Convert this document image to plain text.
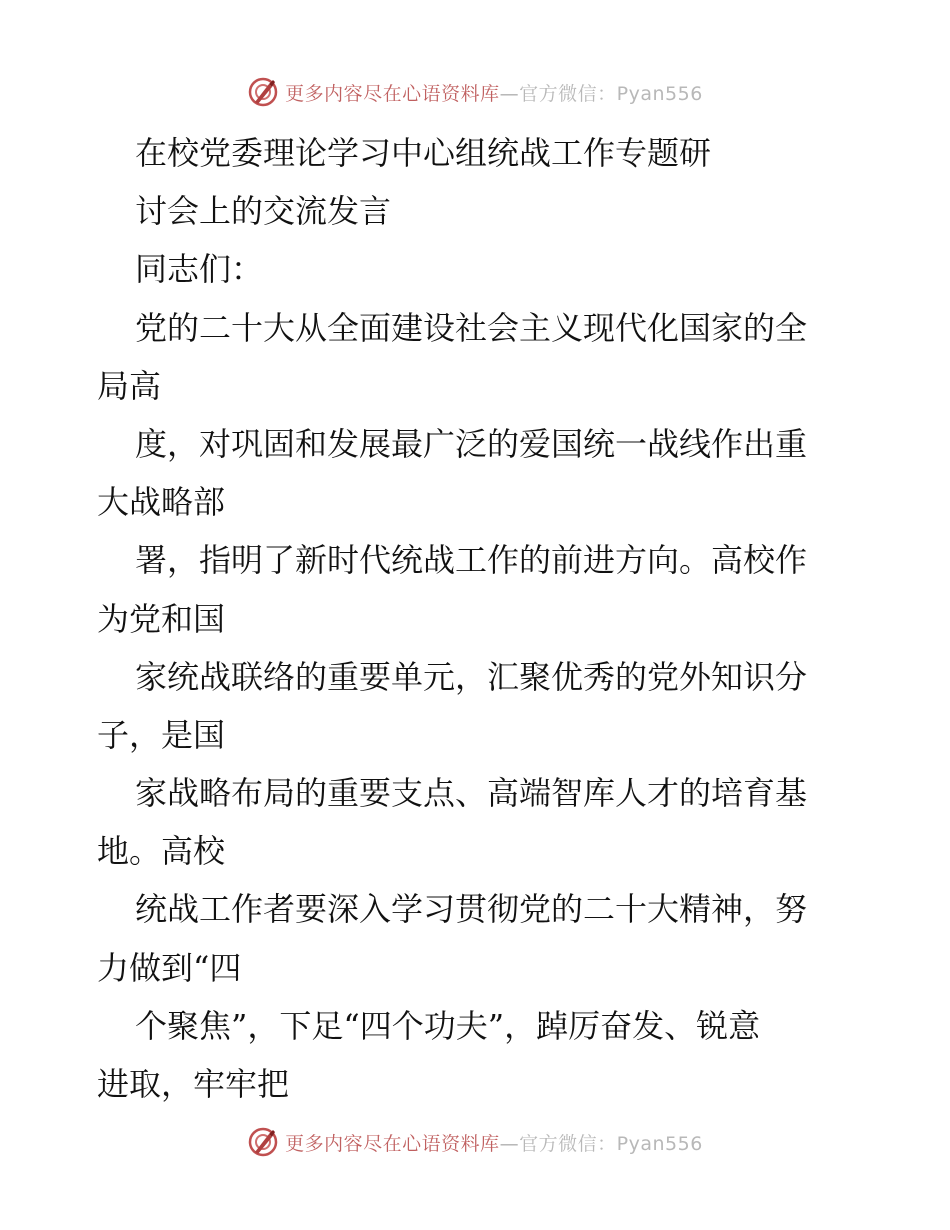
更多内容尽在心语资料库—官方微信：Pyan556
在校党委理论学习中心组统战工作专题研
讨会上的交流发言
同志们：
党的二十大从全面建设社会主义现代化国家的全
局高
度，对巩固和发展最广泛的爱国统一战线作出重
大战略部
署，指明了新时代统战工作的前进方向。高校作
为党和国
家统战联络的重要单元，汇聚优秀的党外知识分
子，是国
家战略布局的重要支点、高端智库人才的培育基
地。高校
统战工作者要深入学习贯彻党的二十大精神，努
力做到“四
个聚焦”，下足“四个功夫”，踔厉奋发、锐意
进取，牢牢把
更多内容尽在心语资料库—官方微信：Pyan556
